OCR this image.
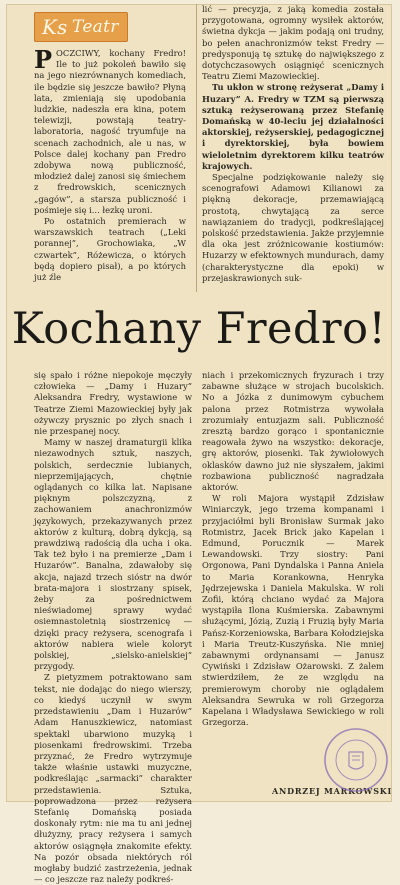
Ks Teatr
P OCZCIWY, kochany Fredro! Ile to już pokoleń bawiło się na jego niezrównanych komediach, ile będzie się jeszcze bawiło? Płyną lata, zmieniają się upodobania ludzkie, nadeszła era kina, potem telewizji, powstają teatry-laboratoria, nagość tryumfuje na scenach zachodnich, ale u nas, w Polsce dalej kochany pan Fredro zdobywa nową publiczność, młodzież dalej zanosi się śmiechem z fredrowskich, scenicznych „gagów”, a starsza publiczność i pośmieje się i... łezkę uroni.

Po ostatnich premierach w warszawskich teatrach („Leki porannej”, Grochowiaka, „W czwartek”, Różewicza, o których będą dopiero pisał), a po których już źle

lić — precyzja, z jaką komedia została przygotowana, ogromny wysiłek aktorów, świetna dykcja — jakim podają oni trudny, bo pełen anachronizmów tekst Fredry — predysponują tę sztukę do największego z dotychczasowych osiągnięć scenicznych Teatru Ziemi Mazowieckiej.

Tu ukłon w stronę reżyserat „Damy i Huzary” A. Fredry w TZM są pierwszą sztuką reżyserowaną przez Stefanię Domańską w 40-leciu jej działalności aktorskiej, reżyserskiej, pedagogicznej i dyrektorskiej, była bowiem wieloletnim dyrektorem kilku teatrów krajowych.

Specjalne podziękowanie należy się scenografowi Adamowi Kilianowi za piękną dekoracje, przemawiającą prostotą, chwytającą za serce nawiązaniem do tradycji, podkreślającej polskość przedstawienia. Jakże przyjemnie dla oka jest zróżnicowanie kostiumów: Huzarzy w efektownych mundurach, damy (charakterystyczne dla epoki) w przejaskrawionych suk-

Kochany Fredro!

się spało i różne niepokoje męczyły człowieka — „Damy i Huzary” Aleksandra Fredry, wystawione w Teatrze Ziemi Mazowieckiej były jak ożywczy prysznic po złych snach i nie przespanej nocy.

Mamy w naszej dramaturgii klika niezawodnych sztuk, naszych, polskich, serdecznie lubianych, nieprzemijających, chętnie oglądanych co kilka lat. Napisane pięknym polszczyzną, z zachowaniem anachronizmów językowych, przekazywanych przez aktorów z kulturą, dobrą dykcją, są prawdziwą radością dla ucha i oka. Tak też było i na premierze „Dam i Huzarów”. Banalna, zdawałoby się akcja, najazd trzech sióstr na dwór brata-majora i siostrzany spisek, żeby za pośrednictwem nieświadomej sprawy wydać osiemnastoletnią siostrzenicę — dzięki pracy reżysera, scenografa i aktorów nabiera wiele koloryt polskiej, „sielsko-anielskiej” przygody.

Z pietyzmem potraktowano sam tekst, nie dodając do niego wierszy, co kiedyś uczynił w swym przedstawieniu „Dam i Huzarów” Adam Hanuszkiewicz, natomiast spektakl ubarwiono muzyką i piosenkami fredrowskimi. Trzeba przyznać, że Fredro wytrzymuje także właśnie ustawki muzyczne, podkreślając „sarmacki” charakter przedstawienia. Sztuka, poprowadzona przez reżysera Stefanię Domańską posiada doskonały rytm: nie ma tu ani jednej dłużyzny, pracy reżysera i samych aktorów osiągnęła znakomite efekty. Na pozór obsada niektórych ról mogłaby budzić zastrzeżenia, jednak — co jeszcze raz należy podkreś-

niach i przekomicznych fryzurach i trzy zabawne służące w strojach bucolskich. No a Józka z dunimowym cybuchem palona przez Rotmistrza wywołała zrozumiały entuzjazm sali. Publiczność zresztą bardzo gorąco i spontanicznie reagowała żywo na wszystko: dekoracje, grę aktorów, piosenki. Tak żywiołowych oklasków dawno już nie słyszałem, jakimi rozbawiona publiczność nagradzała aktorów.

W roli Majora wystąpił Zdzisław Winiarczyk, jego trzema kompanami i przyjaciółmi byli Bronisław Surmak jako Rotmistrz, Jacek Brick jako Kapelan i Edmund, Porucznik — Marek Lewandowski. Trzy siostry: Pani Orgonowa, Pani Dyndalska i Panna Aniela to Maria Korankowna, Henryka Jędrzejewska i Daniela Makulska. W roli Zofii, którą chciano wydać za Majora wystąpiła Ilona Kuśmierska. Zabawnymi służącymi, Józią, Zuzią i Fruzią były Maria Pańsz-Korzeniowska, Barbara Kołodziejska i Maria Treutz-Kuszyńska. Nie mniej zabawnymi ordynansami — Janusz Cywiński i Zdzisław Ożarowski. Z żalem stwierdziłem, że ze względu na premierowym choroby nie oglądałem Aleksandra Sewruka w roli Grzegorza Kapelana i Władysława Sewickiego w roli Grzegorza.

ANDRZEJ MARKOWSKI
